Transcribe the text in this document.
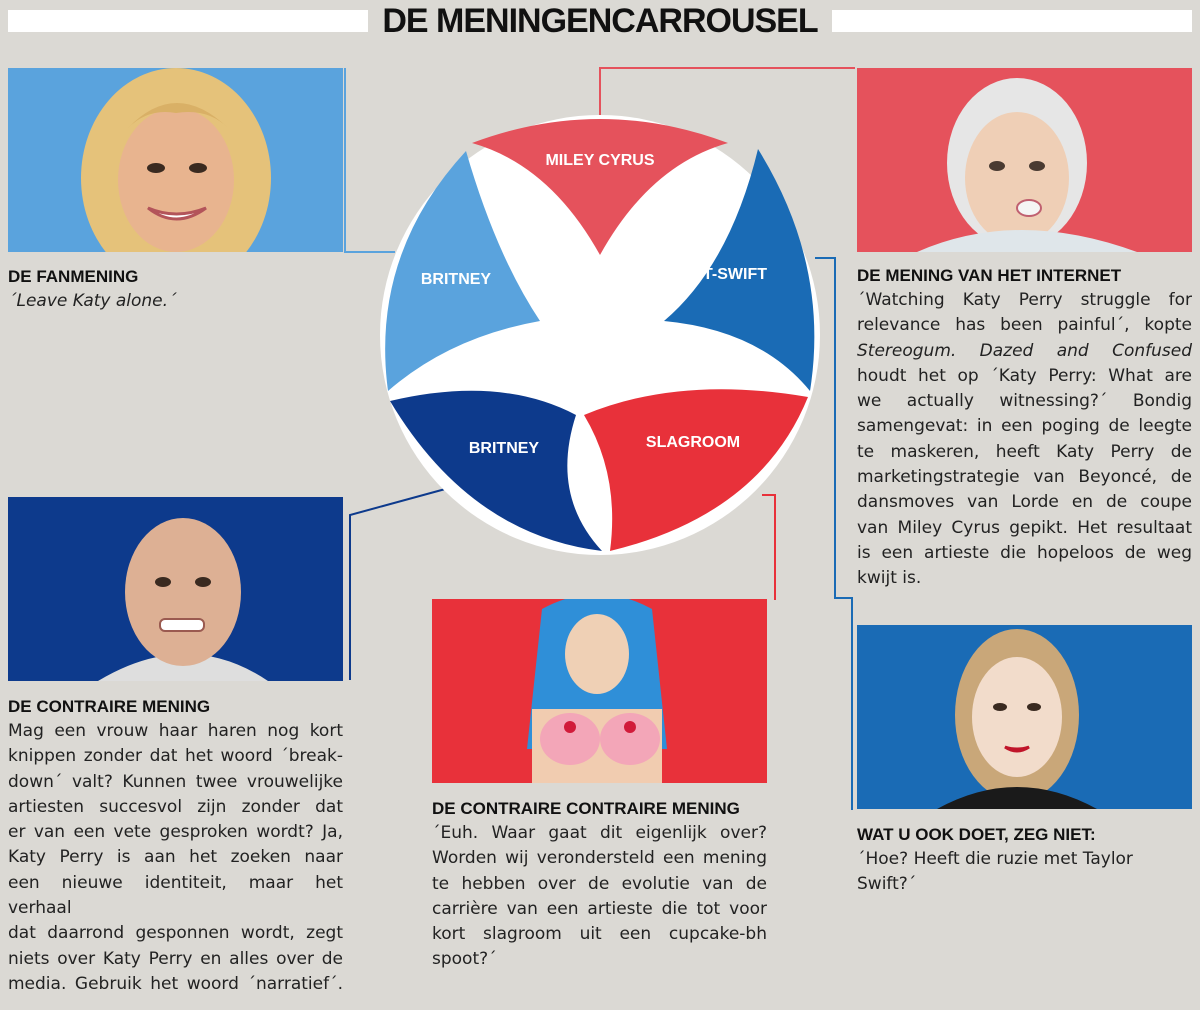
DE MENINGENCARROUSEL
MILEY CYRUS
T-SWIFT
SLAGROOM
BRITNEY
BRITNEY
DE FANMENING
´Leave Katy alone.´
DE MENING VAN HET INTERNET
´Watching Katy Perry struggle for
relevance has been painful´, kopte
Stereogum. Dazed and Confused
houdt het op ´Katy Perry: What are
we actually witnessing?´ Bondig
samengevat: in een poging de leegte
te maskeren, heeft Katy Perry de
marketingstrategie van Beyoncé, de
dansmoves van Lorde en de coupe
van Miley Cyrus gepikt. Het resultaat
is een artieste die hopeloos de weg
kwijt is.
DE CONTRAIRE MENING
Mag een vrouw haar haren nog kort
knippen zonder dat het woord ´break-
down´ valt? Kunnen twee vrouwelijke
artiesten succesvol zijn zonder dat
er van een vete gesproken wordt? Ja,
Katy Perry is aan het zoeken naar
een nieuwe identiteit, maar het verhaal
dat daarrond gesponnen wordt, zegt
niets over Katy Perry en alles over de
media. Gebruik het woord ´narratief´.
DE CONTRAIRE CONTRAIRE MENING
´Euh. Waar gaat dit eigenlijk over?
Worden wij verondersteld een mening
te hebben over de evolutie van de
carrière van een artieste die tot voor
kort slagroom uit een cupcake-bh
spoot?´
WAT U OOK DOET, ZEG NIET:
´Hoe? Heeft die ruzie met Taylor
Swift?´
